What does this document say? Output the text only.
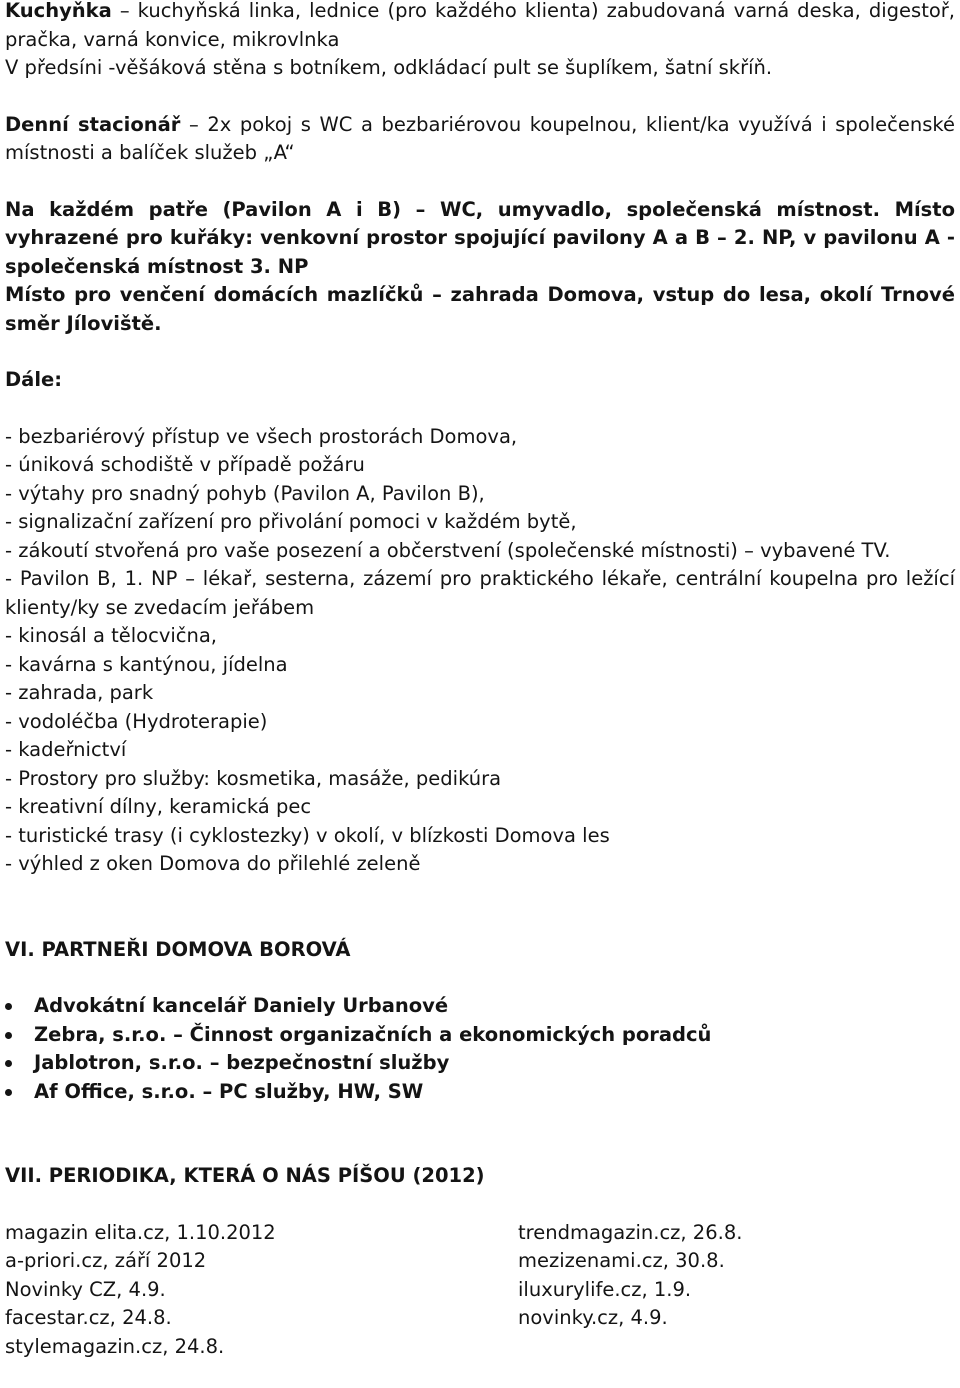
Kuchyňka – kuchyňská linka, lednice (pro každého klienta) zabudovaná varná deska, digestoř, pračka, varná konvice, mikrovlnka

V předsíni -věšáková stěna s botníkem, odkládací pult se šuplíkem, šatní skříň.

Denní stacionář – 2x pokoj s WC a bezbariérovou koupelnou, klient/ka využívá i společenské místnosti a balíček služeb „A“

Na každém patře (Pavilon A i B) – WC, umyvadlo, společenská místnost. Místo vyhrazené pro kuřáky: venkovní prostor spojující pavilony A a B – 2. NP, v pavilonu A - společenská místnost 3. NP

Místo pro venčení domácích mazlíčků – zahrada Domova, vstup do lesa, okolí Trnové směr Jíloviště.

Dále:

- bezbariérový přístup ve všech prostorách Domova,
- úniková schodiště v případě požáru
- výtahy pro snadný pohyb (Pavilon A, Pavilon B),
- signalizační zařízení pro přivolání pomoci v každém bytě,
- zákoutí stvořená pro vaše posezení a občerstvení (společenské místnosti) – vybavené TV.
- Pavilon B, 1. NP – lékař, sesterna, zázemí pro praktického lékaře, centrální koupelna pro ležící klienty/ky se zvedacím jeřábem
- kinosál a tělocvična,
- kavárna s kantýnou, jídelna
- zahrada, park
- vodoléčba (Hydroterapie)
- kadeřnictví
- Prostory pro služby: kosmetika, masáže, pedikúra
- kreativní dílny, keramická pec
- turistické trasy (i cyklostezky) v okolí, v blízkosti Domova les
- výhled z oken Domova do přilehlé zeleně

VI. PARTNEŘI DOMOVA BOROVÁ

Advokátní kancelář Daniely Urbanové
Zebra, s.r.o. – Činnost organizačních a ekonomických poradců
Jablotron, s.r.o. – bezpečnostní služby
Af Office, s.r.o. – PC služby, HW, SW

VII. PERIODIKA, KTERÁ O NÁS PÍŠOU (2012)

magazin elita.cz, 1.10.2012
a-priori.cz, září 2012
Novinky CZ, 4.9.
facestar.cz, 24.8.
stylemagazin.cz, 24.8.
trendmagazin.cz, 26.8.
mezizenami.cz, 30.8.
iluxurylife.cz, 1.9.
novinky.cz, 4.9.
